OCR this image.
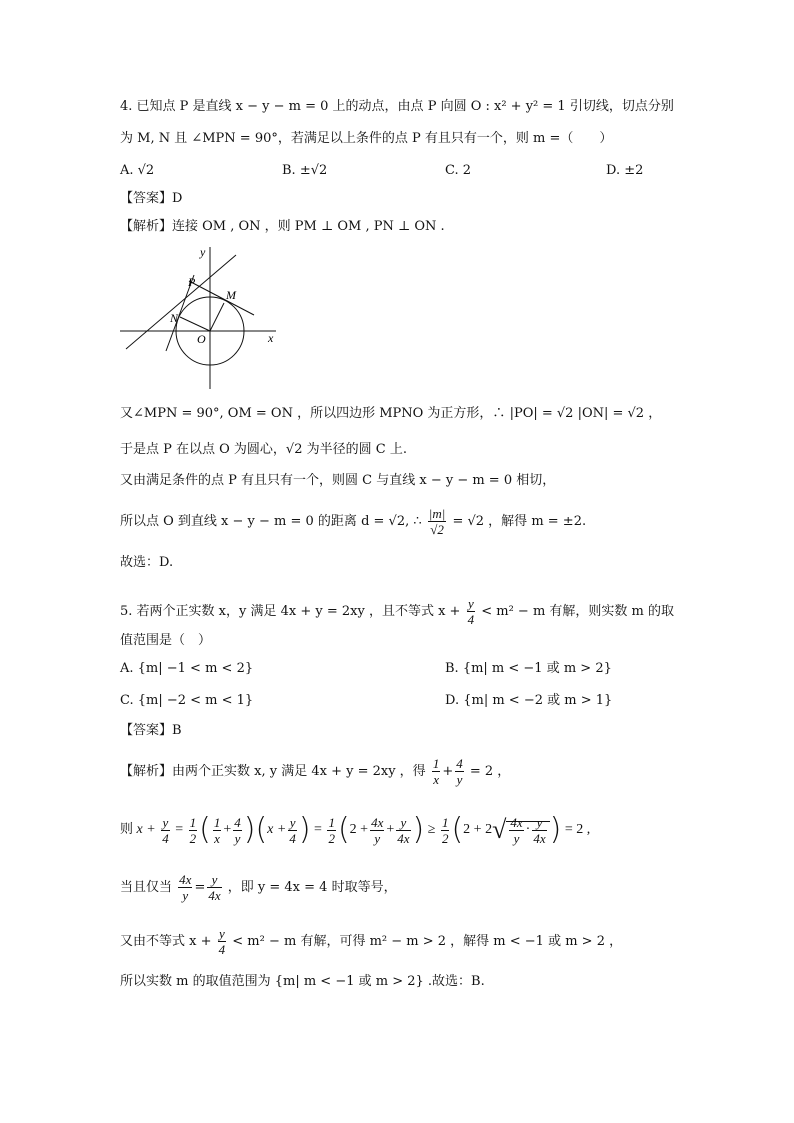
4. 已知点 P 是直线 x − y − m = 0 上的动点，由点 P 向圆 O : x² + y² = 1 引切线，切点分别
为 M, N 且 ∠MPN = 90°，若满足以上条件的点 P 有且只有一个，则 m =（　　）
A. √2	B. ±√2	C. 2	D. ±2
【答案】D
【解析】连接 OM , ON ，则 PM ⊥ OM , PN ⊥ ON .
y
x
P
M
N
O
又∠MPN = 90°, OM = ON ，所以四边形 MPNO 为正方形，∴ |PO| = √2 |ON| = √2 ，
于是点 P 在以点 O 为圆心，√2 为半径的圆 C 上.
又由满足条件的点 P 有且只有一个，则圆 C 与直线 x − y − m = 0 相切，
所以点 O 到直线 x − y − m = 0 的距离 d = √2, ∴ $\frac{|m|}{√2} = √2$ ，解得 m = ±2.
故选：D.
5. 若两个正实数 x，y 满足 4x + y = 2xy ，且不等式 $x + \frac{y}{4} < m^2 - m$ 有解，则实数 m 的取
值范围是（　）
A. {m| −1 < m < 2}	B. {m| m < −1 或 m > 2}
C. {m| −2 < m < 1}	D. {m| m < −2 或 m > 1}
【答案】B
【解析】由两个正实数 x, y 满足 4x + y = 2xy ，得 $\frac{1}{x} + \frac{4}{y} = 2$ ，
则 $x + \frac{y}{4} = \frac{1}{2}$ ( $\frac{1}{x} + \frac{4}{y} )(x + \frac{y}{4}$ ) = $\frac{1}{2} (2 + \frac{4x}{y} + \frac{y}{4x}$ ) ≥ $\frac{1}{2} (2 + 2√ \frac{4x}{y} \cdot \frac{y}{4x}$ ) = 2 ,
当且仅当 $\frac{4x}{y} = \frac{y}{4x}$ ，即 y = 4x = 4 时取等号，
又由不等式 $x + \frac{y}{4} < m^2 - m$ 有解，可得 m² − m > 2 ，解得 m < −1 或 m > 2 ，
所以实数 m 的取值范围为 {m| m < −1 或 m > 2} .故选：B.
